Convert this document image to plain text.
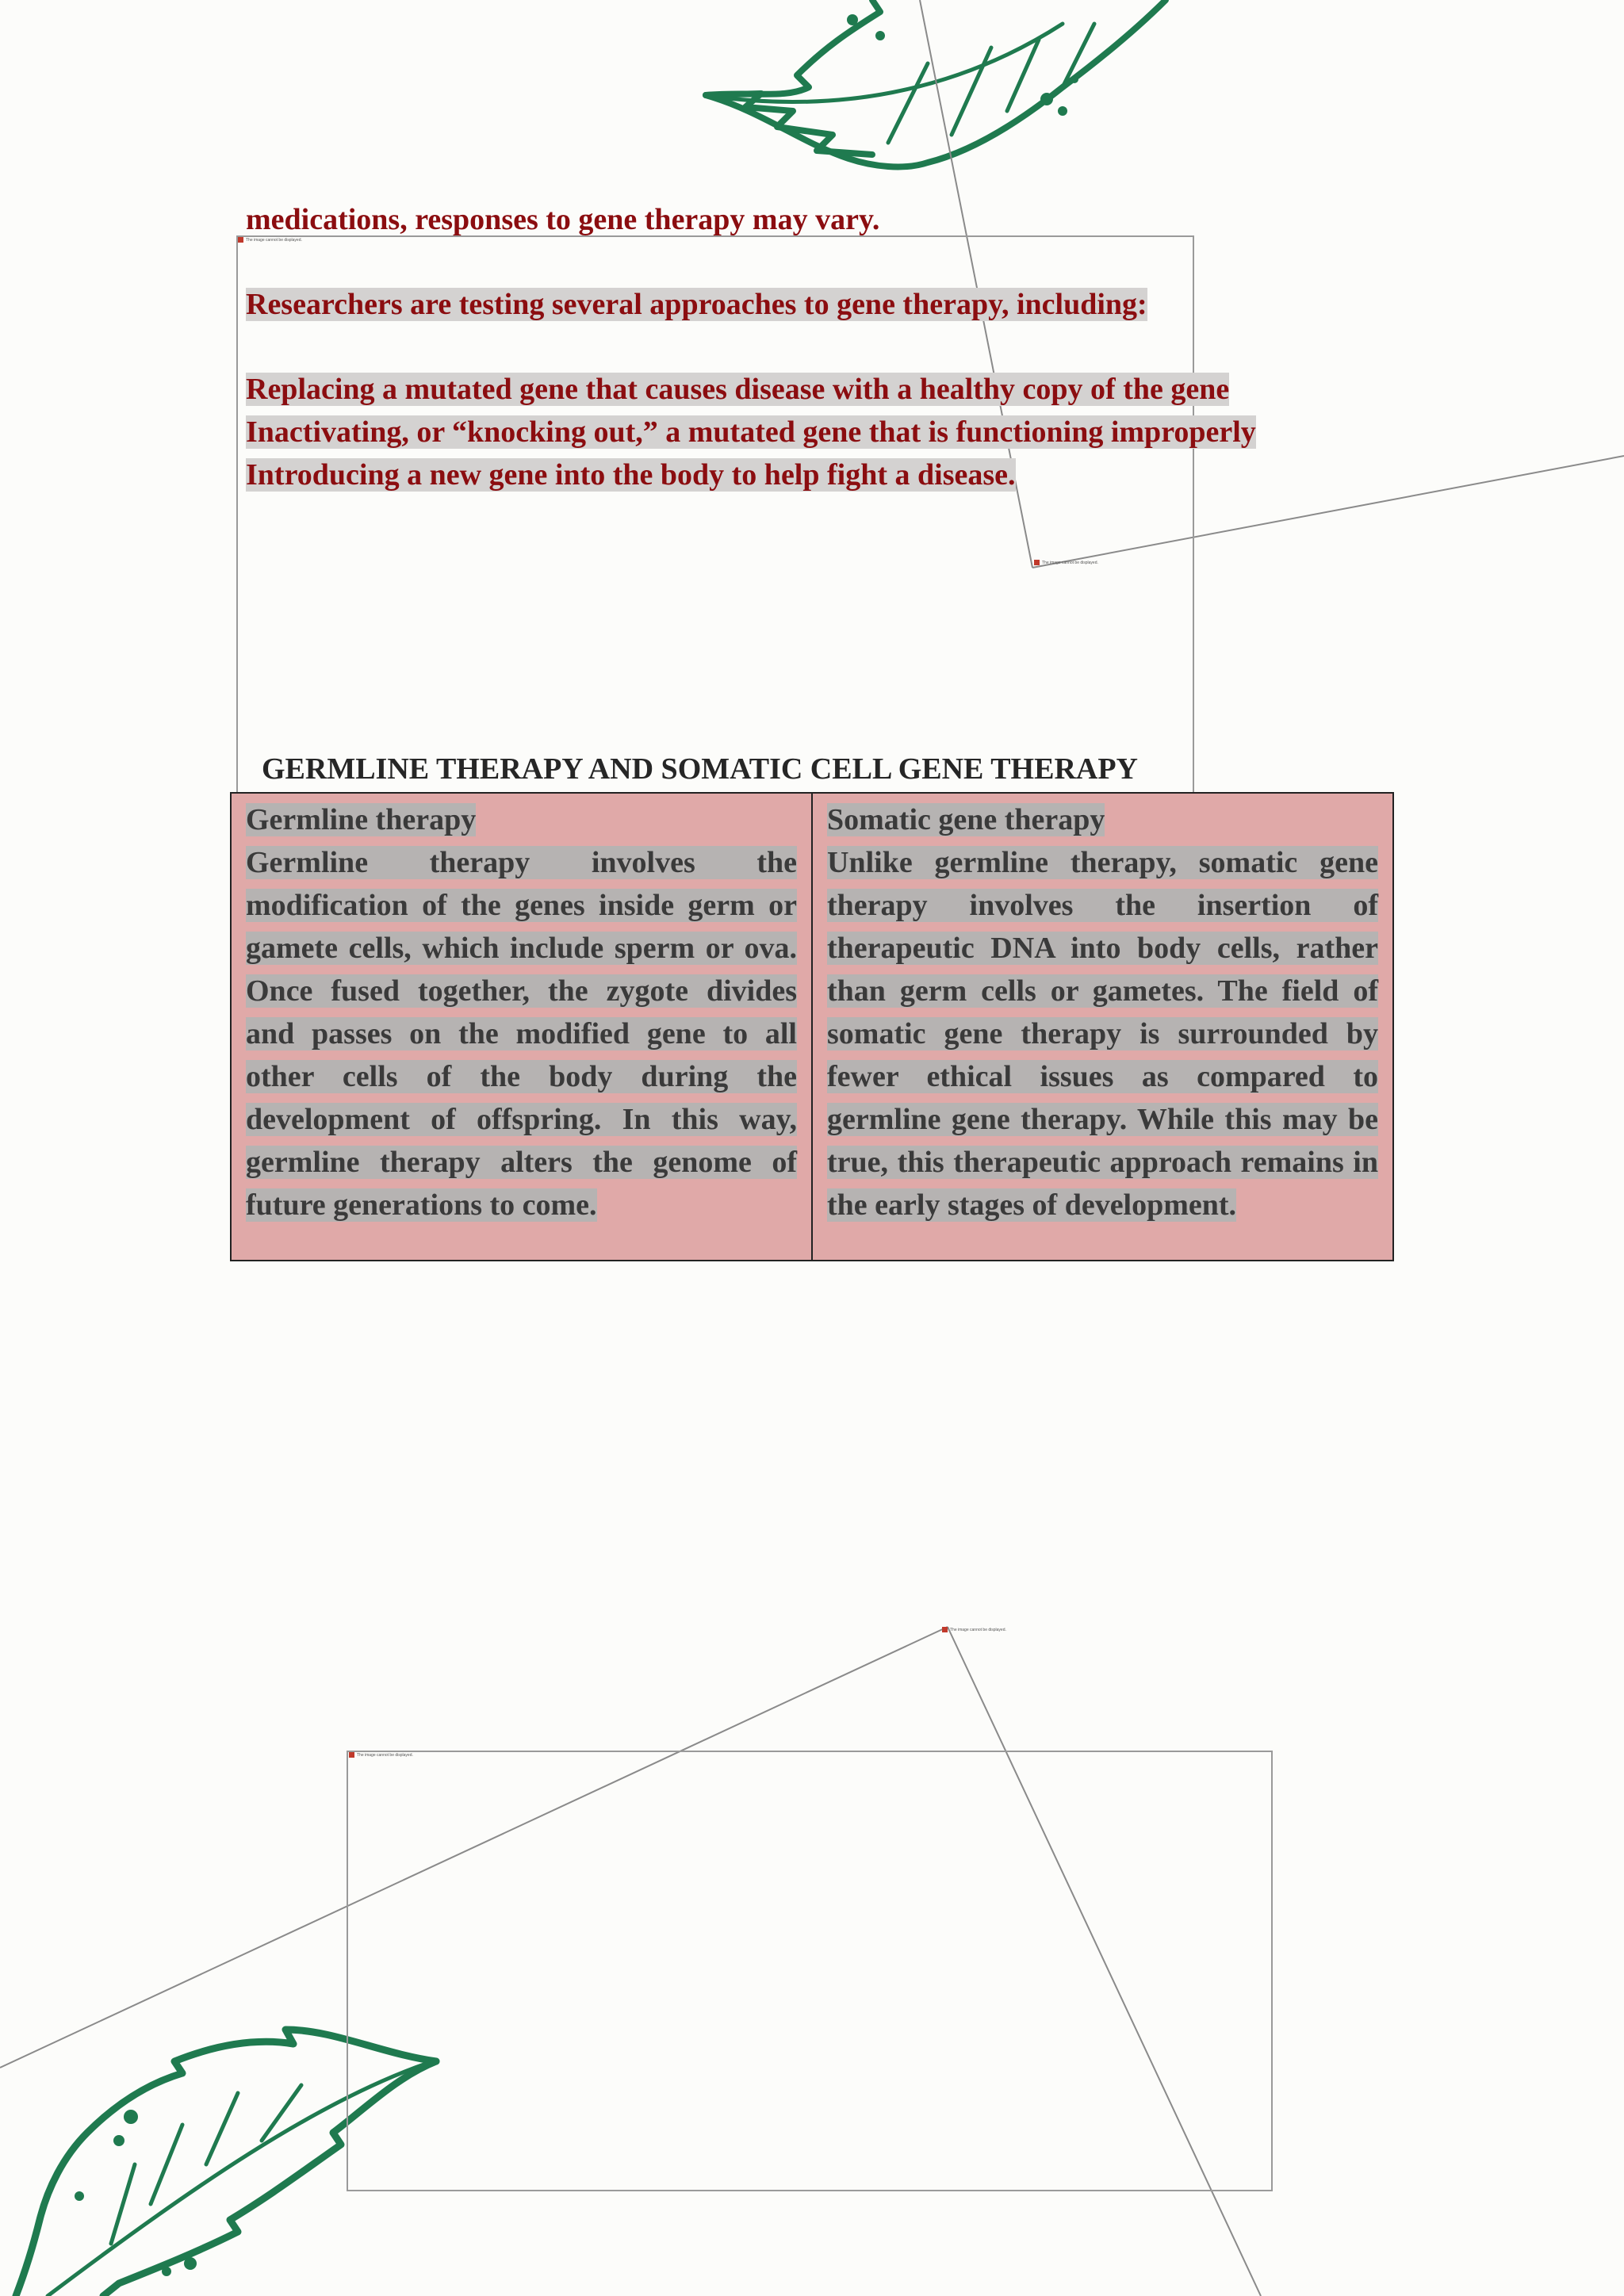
The image cannot be displayed.
The image cannot be displayed.
The image cannot be displayed.
The image cannot be displayed.
medications, responses to gene therapy may vary.
Researchers are testing several approaches to gene therapy, including:
Replacing a mutated gene that causes disease with a healthy copy of the gene
Inactivating, or “knocking out,” a mutated gene that is functioning improperly
Introducing a new gene into the body to help fight a disease.
GERMLINE THERAPY AND SOMATIC CELL GENE THERAPY
Germline therapy
Germline therapy involves the modification of the genes inside germ or gamete cells, which include sperm or ova. Once fused together, the zygote divides and passes on the modified gene to all other cells of the body during the development of offspring. In this way, germline therapy alters the genome of future generations to come.

Somatic gene therapy
Unlike germline therapy, somatic gene therapy involves the insertion of therapeutic DNA into body cells, rather than germ cells or gametes. The field of somatic gene therapy is surrounded by fewer ethical issues as compared to germline gene therapy. While this may be true, this therapeutic approach remains in the early stages of development.
